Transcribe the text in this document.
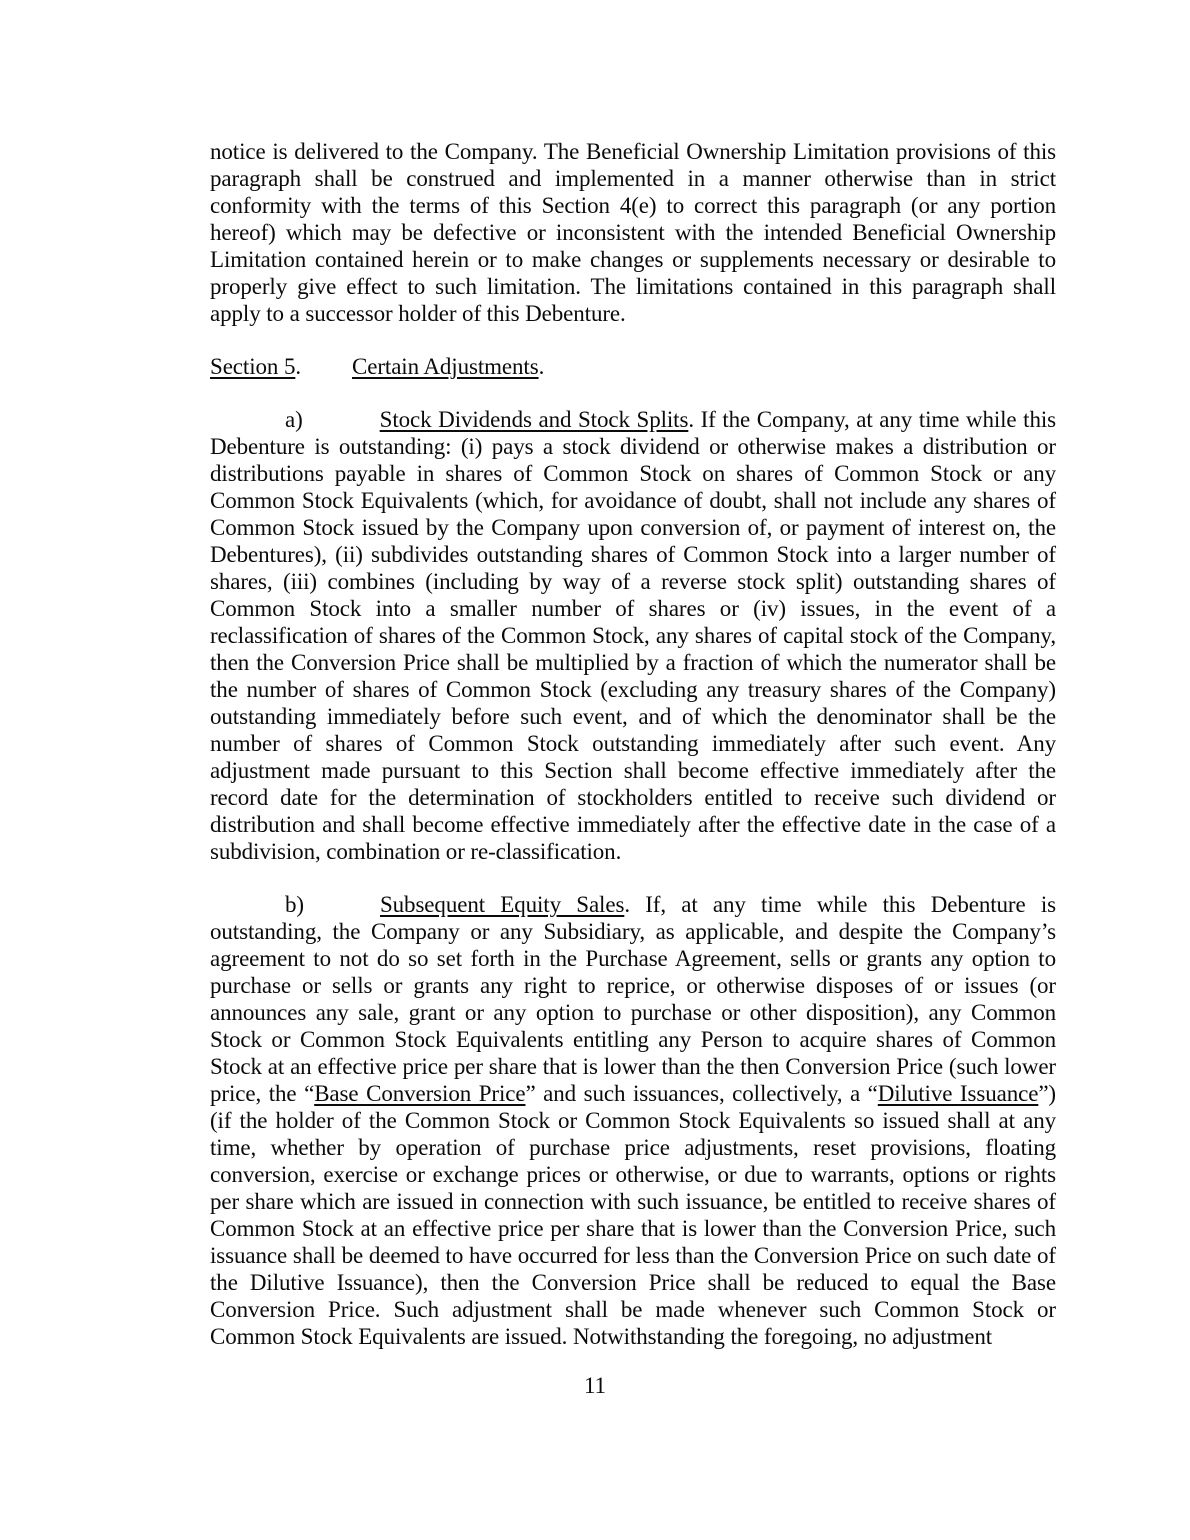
notice is delivered to the Company. The Beneficial Ownership Limitation provisions of this paragraph shall be construed and implemented in a manner otherwise than in strict conformity with the terms of this Section 4(e) to correct this paragraph (or any portion hereof) which may be defective or inconsistent with the intended Beneficial Ownership Limitation contained herein or to make changes or supplements necessary or desirable to properly give effect to such limitation. The limitations contained in this paragraph shall apply to a successor holder of this Debenture.

Section 5. Certain Adjustments.

a)	Stock Dividends and Stock Splits. If the Company, at any time while this Debenture is outstanding: (i) pays a stock dividend or otherwise makes a distribution or distributions payable in shares of Common Stock on shares of Common Stock or any Common Stock Equivalents (which, for avoidance of doubt, shall not include any shares of Common Stock issued by the Company upon conversion of, or payment of interest on, the Debentures), (ii) subdivides outstanding shares of Common Stock into a larger number of shares, (iii) combines (including by way of a reverse stock split) outstanding shares of Common Stock into a smaller number of shares or (iv) issues, in the event of a reclassification of shares of the Common Stock, any shares of capital stock of the Company, then the Conversion Price shall be multiplied by a fraction of which the numerator shall be the number of shares of Common Stock (excluding any treasury shares of the Company) outstanding immediately before such event, and of which the denominator shall be the number of shares of Common Stock outstanding immediately after such event. Any adjustment made pursuant to this Section shall become effective immediately after the record date for the determination of stockholders entitled to receive such dividend or distribution and shall become effective immediately after the effective date in the case of a subdivision, combination or re-classification.

b)	Subsequent Equity Sales. If, at any time while this Debenture is outstanding, the Company or any Subsidiary, as applicable, and despite the Company’s agreement to not do so set forth in the Purchase Agreement, sells or grants any option to purchase or sells or grants any right to reprice, or otherwise disposes of or issues (or announces any sale, grant or any option to purchase or other disposition), any Common Stock or Common Stock Equivalents entitling any Person to acquire shares of Common Stock at an effective price per share that is lower than the then Conversion Price (such lower price, the “Base Conversion Price” and such issuances, collectively, a “Dilutive Issuance”) (if the holder of the Common Stock or Common Stock Equivalents so issued shall at any time, whether by operation of purchase price adjustments, reset provisions, floating conversion, exercise or exchange prices or otherwise, or due to warrants, options or rights per share which are issued in connection with such issuance, be entitled to receive shares of Common Stock at an effective price per share that is lower than the Conversion Price, such issuance shall be deemed to have occurred for less than the Conversion Price on such date of the Dilutive Issuance), then the Conversion Price shall be reduced to equal the Base Conversion Price. Such adjustment shall be made whenever such Common Stock or Common Stock Equivalents are issued. Notwithstanding the foregoing, no adjustment

11
